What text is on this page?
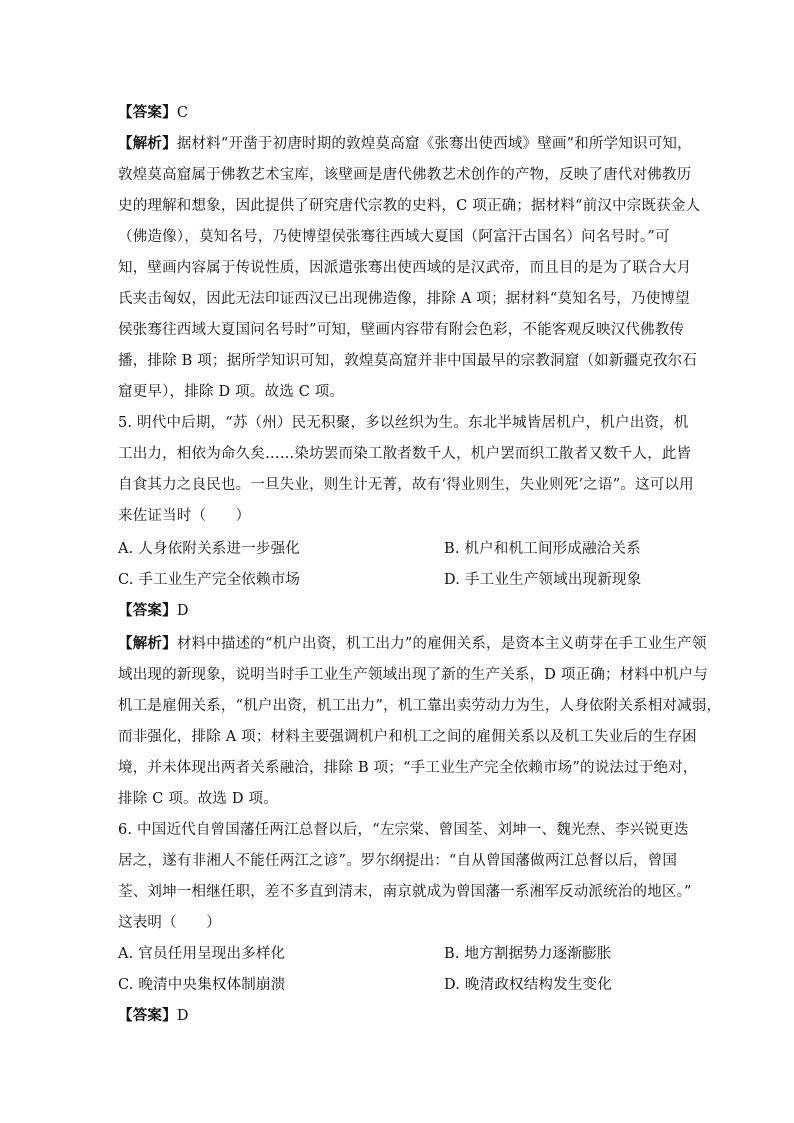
【答案】C
【解析】据材料“开凿于初唐时期的敦煌莫高窟《张骞出使西域》壁画”和所学知识可知，
敦煌莫高窟属于佛教艺术宝库，该壁画是唐代佛教艺术创作的产物，反映了唐代对佛教历
史的理解和想象，因此提供了研究唐代宗教的史料，C 项正确；据材料“前汉中宗既获金人
（佛造像），莫知名号，乃使博望侯张骞往西域大夏国（阿富汗古国名）问名号时。”可
知，壁画内容属于传说性质，因派遣张骞出使西域的是汉武帝，而且目的是为了联合大月
氏夹击匈奴，因此无法印证西汉已出现佛造像，排除 A 项；据材料“莫知名号，乃使博望
侯张骞往西域大夏国问名号时”可知，壁画内容带有附会色彩，不能客观反映汉代佛教传
播，排除 B 项；据所学知识可知，敦煌莫高窟并非中国最早的宗教洞窟（如新疆克孜尔石
窟更早），排除 D 项。故选 C 项。
5. 明代中后期，“苏（州）民无积聚，多以丝织为生。东北半城皆居机户，机户出资，机
工出力，相依为命久矣……染坊罢而染工散者数千人，机户罢而织工散者又数千人，此皆
自食其力之良民也。一旦失业，则生计无菁，故有‘得业则生，失业则死’之语”。这可以用
来佐证当时（　　）
A. 人身依附关系进一步强化	B. 机户和机工间形成融洽关系
C. 手工业生产完全依赖市场	D. 手工业生产领域出现新现象
【答案】D
【解析】材料中描述的“机户出资，机工出力”的雇佣关系，是资本主义萌芽在手工业生产领
域出现的新现象，说明当时手工业生产领域出现了新的生产关系，D 项正确；材料中机户与
机工是雇佣关系，“机户出资，机工出力”，机工靠出卖劳动力为生，人身依附关系相对减弱，
而非强化，排除 A 项；材料主要强调机户和机工之间的雇佣关系以及机工失业后的生存困
境，并未体现出两者关系融洽，排除 B 项；“手工业生产完全依赖市场”的说法过于绝对，
排除 C 项。故选 D 项。
6. 中国近代自曾国藩任两江总督以后，“左宗棠、曾国荃、刘坤一、魏光焘、李兴锐更迭
居之，遂有非湘人不能任两江之谚”。罗尔纲提出：“自从曾国藩做两江总督以后，曾国
荃、刘坤一相继任职，差不多直到清末，南京就成为曾国藩一系湘军反动派统治的地区。”
这表明（　　）
A. 官员任用呈现出多样化	B. 地方割据势力逐渐膨胀
C. 晚清中央集权体制崩溃	D. 晚清政权结构发生变化
【答案】D
